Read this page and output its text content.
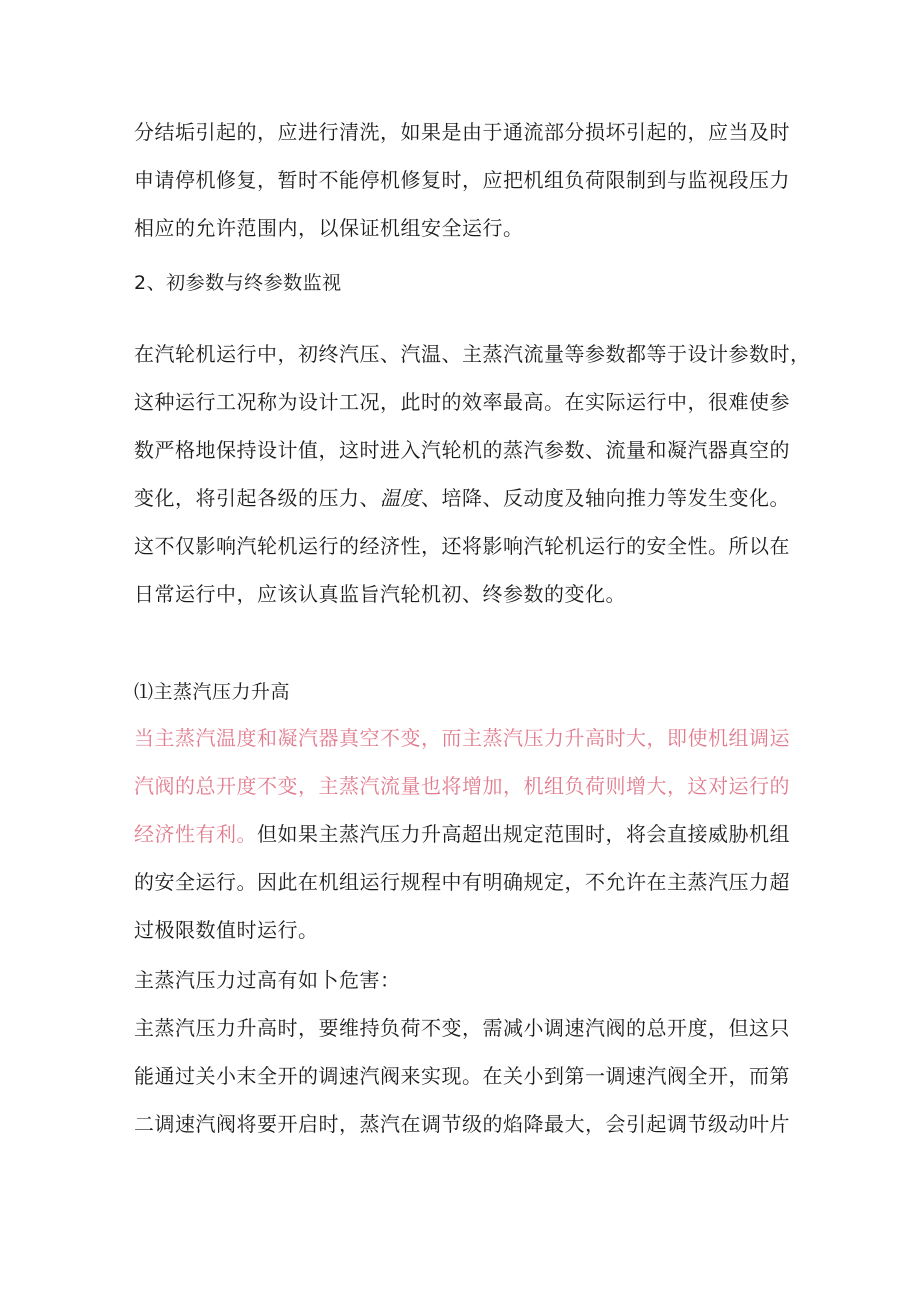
分结垢引起的，应进行清洗，如果是由于通流部分损坏引起的，应当及时
申请停机修复，暂时不能停机修复时，应把机组负荷限制到与监视段压力
相应的允许范围内，以保证机组安全运行。
2、初参数与终参数监视
在汽轮机运行中，初终汽压、汽温、主蒸汽流量等参数都等于设计参数时，
这种运行工况称为设计工况，此时的效率最高。在实际运行中，很难使参
数严格地保持设计值，这时进入汽轮机的蒸汽参数、流量和凝汽器真空的
变化，将引起各级的压力、温度、培降、反动度及轴向推力等发生变化。
这不仅影响汽轮机运行的经济性，还将影响汽轮机运行的安全性。所以在
日常运行中，应该认真监旨汽轮机初、终参数的变化。
⑴主蒸汽压力升高
当主蒸汽温度和凝汽器真空不变，而主蒸汽压力升高时大，即使机组调运
汽阀的总开度不变，主蒸汽流量也将增加，机组负荷则增大，这对运行的
经济性有利。但如果主蒸汽压力升高超出规定范围时，将会直接威胁机组
的安全运行。因此在机组运行规程中有明确规定，不允许在主蒸汽压力超
过极限数值时运行。
主蒸汽压力过高有如卜危害：
主蒸汽压力升高时，要维持负荷不变，需减小调速汽阀的总开度，但这只
能通过关小末全开的调速汽阀来实现。在关小到第一调速汽阀全开，而第
二调速汽阀将要开启时，蒸汽在调节级的焰降最大，会引起调节级动叶片
